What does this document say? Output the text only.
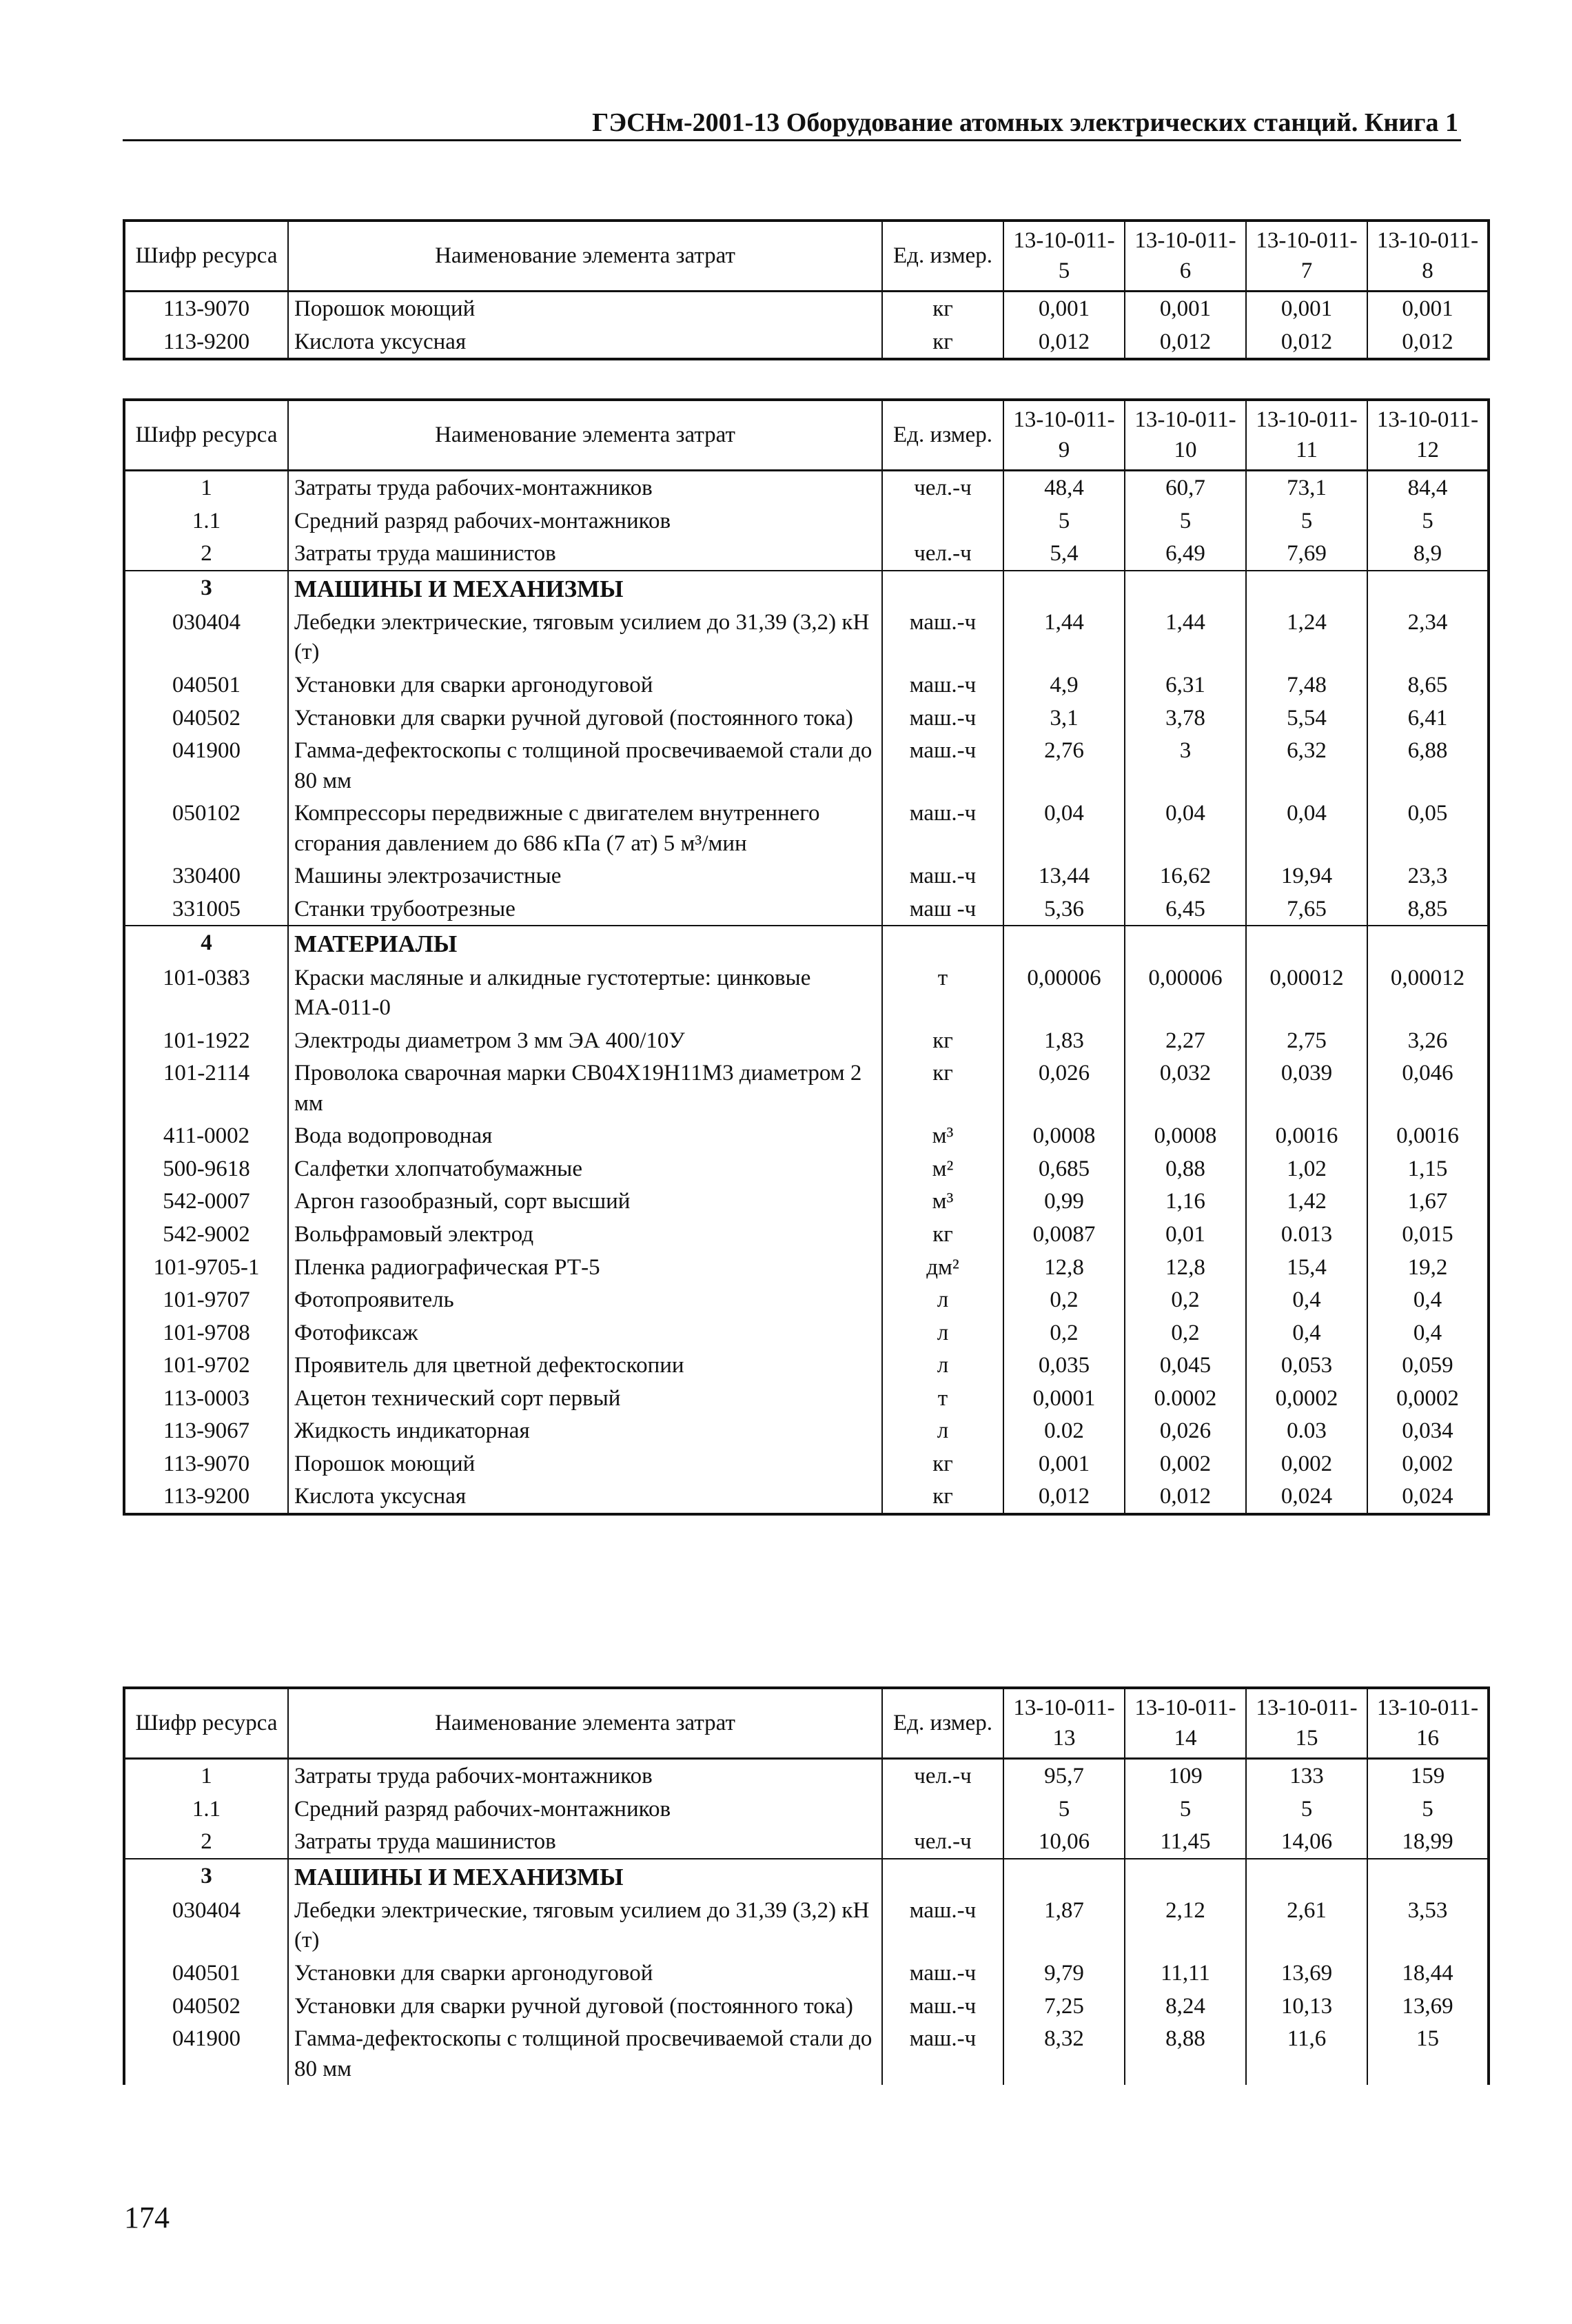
ГЭСНм-2001-13 Оборудование атомных электрических станций. Книга 1
Шифр ресурса	Наименование элемента затрат	Ед. измер.	13-10-011-5	13-10-011-6	13-10-011-7	13-10-011-8
113-9070	Порошок моющий	кг	0,001	0,001	0,001	0,001
113-9200	Кислота уксусная	кг	0,012	0,012	0,012	0,012
Шифр ресурса	Наименование элемента затрат	Ед. измер.	13-10-011-9	13-10-011-10	13-10-011-11	13-10-011-12
1	Затраты труда рабочих-монтажников	чел.-ч	48,4	60,7	73,1	84,4
1.1	Средний разряд рабочих-монтажников		5	5	5	5
2	Затраты труда машинистов	чел.-ч	5,4	6,49	7,69	8,9
3	МАШИНЫ И МЕХАНИЗМЫ					
030404	Лебедки электрические, тяговым усилием до 31,39 (3,2) кН (т)	маш.-ч	1,44	1,44	1,24	2,34
040501	Установки для сварки аргонодуговой	маш.-ч	4,9	6,31	7,48	8,65
040502	Установки для сварки ручной дуговой (постоянного тока)	маш.-ч	3,1	3,78	5,54	6,41
041900	Гамма-дефектоскопы с толщиной просвечиваемой стали до 80 мм	маш.-ч	2,76	3	6,32	6,88
050102	Компрессоры передвижные с двигателем внутреннего сгорания давлением до 686 кПа (7 ат) 5 м³/мин	маш.-ч	0,04	0,04	0,04	0,05
330400	Машины электрозачистные	маш.-ч	13,44	16,62	19,94	23,3
331005	Станки трубоотрезные	маш -ч	5,36	6,45	7,65	8,85
4	МАТЕРИАЛЫ					
101-0383	Краски масляные и алкидные густотертые: цинковые МА-011-0	т	0,00006	0,00006	0,00012	0,00012
101-1922	Электроды диаметром 3 мм ЭА 400/10У	кг	1,83	2,27	2,75	3,26
101-2114	Проволока сварочная марки СВ04Х19Н11М3 диаметром 2 мм	кг	0,026	0,032	0,039	0,046
411-0002	Вода водопроводная	м³	0,0008	0,0008	0,0016	0,0016
500-9618	Салфетки хлопчатобумажные	м²	0,685	0,88	1,02	1,15
542-0007	Аргон газообразный, сорт высший	м³	0,99	1,16	1,42	1,67
542-9002	Вольфрамовый электрод	кг	0,0087	0,01	0.013	0,015
101-9705-1	Пленка радиографическая РТ-5	дм²	12,8	12,8	15,4	19,2
101-9707	Фотопроявитель	л	0,2	0,2	0,4	0,4
101-9708	Фотофиксаж	л	0,2	0,2	0,4	0,4
101-9702	Проявитель для цветной дефектоскопии	л	0,035	0,045	0,053	0,059
113-0003	Ацетон технический сорт первый	т	0,0001	0.0002	0,0002	0,0002
113-9067	Жидкость индикаторная	л	0.02	0,026	0.03	0,034
113-9070	Порошок моющий	кг	0,001	0,002	0,002	0,002
113-9200	Кислота уксусная	кг	0,012	0,012	0,024	0,024
Шифр ресурса	Наименование элемента затрат	Ед. измер.	13-10-011-13	13-10-011-14	13-10-011-15	13-10-011-16
1	Затраты труда рабочих-монтажников	чел.-ч	95,7	109	133	159
1.1	Средний разряд рабочих-монтажников		5	5	5	5
2	Затраты труда машинистов	чел.-ч	10,06	11,45	14,06	18,99
3	МАШИНЫ И МЕХАНИЗМЫ					
030404	Лебедки электрические, тяговым усилием до 31,39 (3,2) кН (т)	маш.-ч	1,87	2,12	2,61	3,53
040501	Установки для сварки аргонодуговой	маш.-ч	9,79	11,11	13,69	18,44
040502	Установки для сварки ручной дуговой (постоянного тока)	маш.-ч	7,25	8,24	10,13	13,69
041900	Гамма-дефектоскопы с толщиной просвечиваемой стали до 80 мм	маш.-ч	8,32	8,88	11,6	15
174
